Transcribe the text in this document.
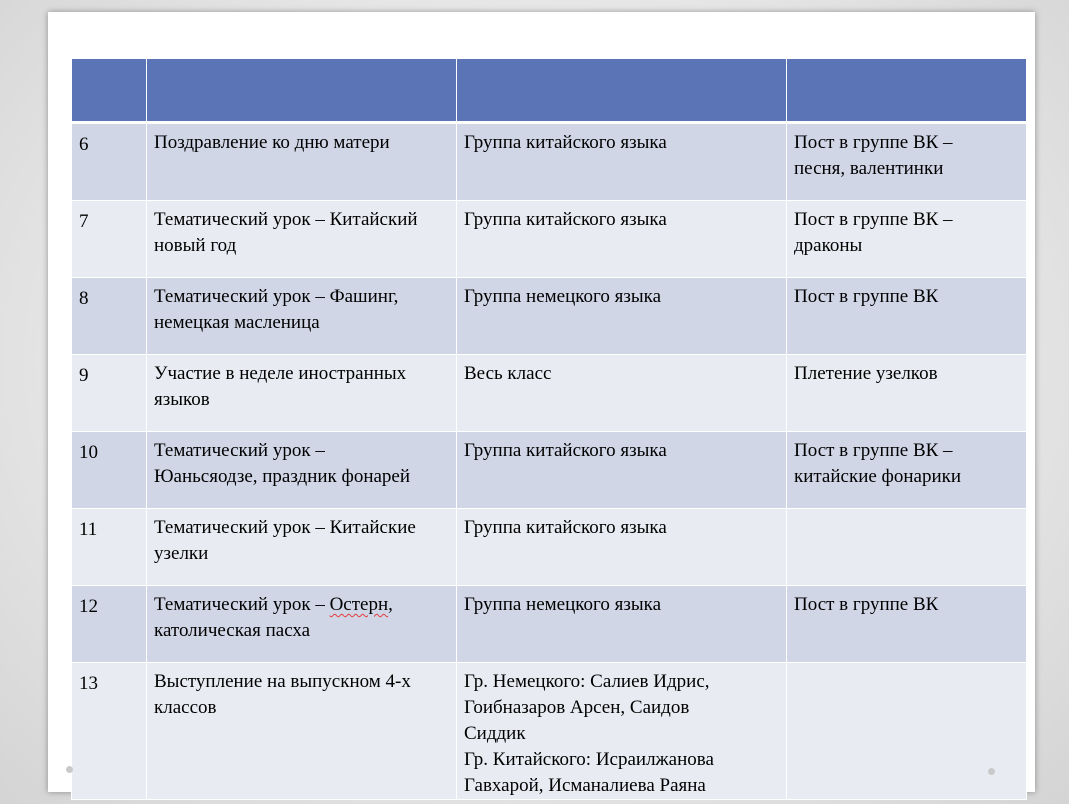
6	Поздравление ко дню матери	Группа китайского языка	Пост в группе ВК –
песня, валентинки

7	Тематический урок – Китайский
новый год	Группа китайского языка	Пост в группе ВК –
драконы

8	Тематический урок – Фашинг,
немецкая масленица	Группа немецкого языка	Пост в группе ВК

9	Участие в неделе иностранных
языков	Весь класс	Плетение узелков

10	Тематический урок –
Юаньсяодзе, праздник фонарей	Группа китайского языка	Пост в группе ВК –
китайские фонарики

11	Тематический урок – Китайские
узелки	Группа китайского языка	

12	Тематический урок – Остерн,
католическая пасха	Группа немецкого языка	Пост в группе ВК

13	Выступление на выпускном 4-х
классов	Гр. Немецкого: Салиев Идрис,
Гоибназаров Арсен, Саидов
Сиддик
Гр. Китайского: Исраилжанова
Гавхарой, Исманалиева Раяна	
